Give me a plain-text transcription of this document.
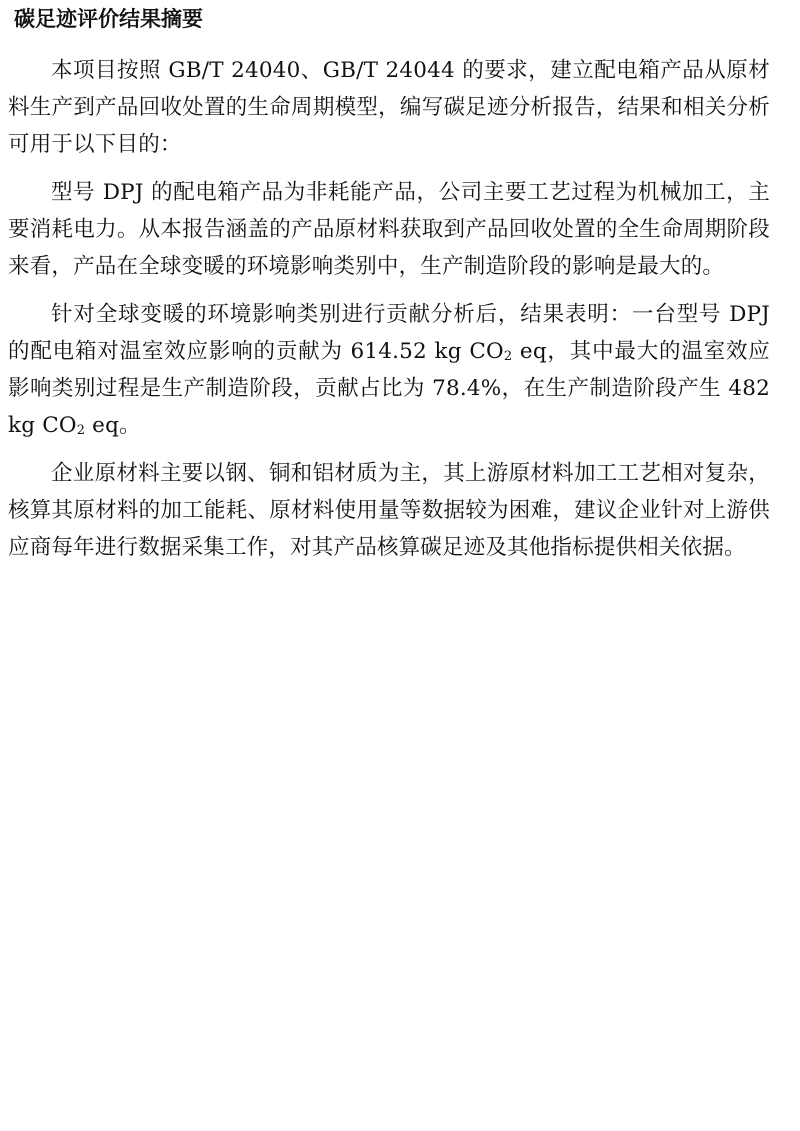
碳足迹评价结果摘要

本项目按照 GB/T 24040、GB/T 24044 的要求，建立配电箱产品从原材料生产到产品回收处置的生命周期模型，编写碳足迹分析报告，结果和相关分析可用于以下目的：

型号 DPJ 的配电箱产品为非耗能产品，公司主要工艺过程为机械加工，主要消耗电力。从本报告涵盖的产品原材料获取到产品回收处置的全生命周期阶段来看，产品在全球变暖的环境影响类别中，生产制造阶段的影响是最大的。

针对全球变暖的环境影响类别进行贡献分析后，结果表明：一台型号 DPJ 的配电箱对温室效应影响的贡献为 614.52 kg $CO_2$ eq，其中最大的温室效应影响类别过程是生产制造阶段，贡献占比为 78.4%，在生产制造阶段产生 482 kg $CO_2$ eq。

企业原材料主要以钢、铜和铝材质为主，其上游原材料加工工艺相对复杂，核算其原材料的加工能耗、原材料使用量等数据较为困难，建议企业针对上游供应商每年进行数据采集工作，对其产品核算碳足迹及其他指标提供相关依据。
